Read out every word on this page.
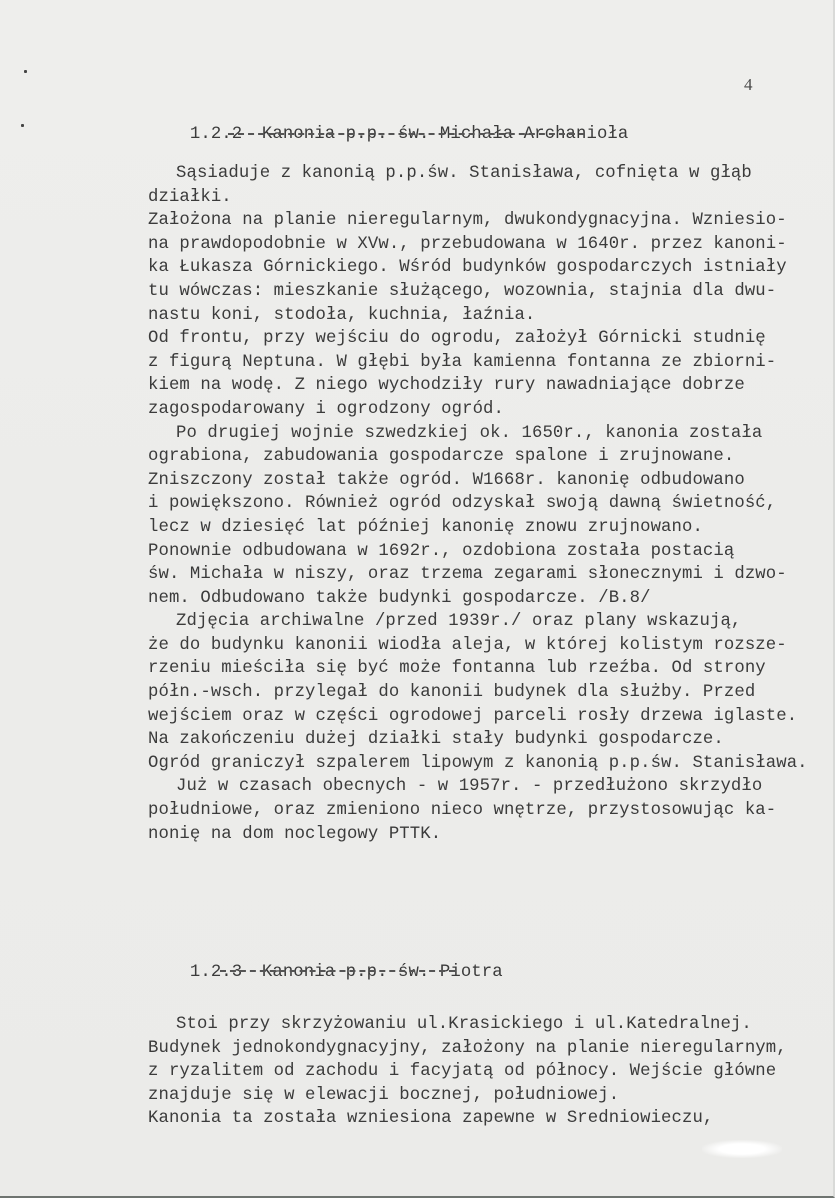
4

1.2.2 Kanonia p.p. św. Michała Archanioła

Sąsiaduje z kanonią p.p.św. Stanisława, cofnięta w głąb
działki.
Założona na planie nieregularnym, dwukondygnacyjna. Wzniesio-
na prawdopodobnie w XVw., przebudowana w 1640r. przez kanoni-
ka Łukasza Górnickiego. Wśród budynków gospodarczych istniały
tu wówczas: mieszkanie służącego, wozownia, stajnia dla dwu-
nastu koni, stodoła, kuchnia, łaźnia.
Od frontu, przy wejściu do ogrodu, założył Górnicki studnię
z figurą Neptuna. W głębi była kamienna fontanna ze zbiorni-
kiem na wodę. Z niego wychodziły rury nawadniające dobrze
zagospodarowany i ogrodzony ogród.
Po drugiej wojnie szwedzkiej ok. 1650r., kanonia została
ograbiona, zabudowania gospodarcze spalone i zrujnowane.
Zniszczony został także ogród. W1668r. kanonię odbudowano
i powiększono. Również ogród odzyskał swoją dawną świetność,
lecz w dziesięć lat później kanonię znowu zrujnowano.
Ponownie odbudowana w 1692r., ozdobiona została postacią
św. Michała w niszy, oraz trzema zegarami słonecznymi i dzwo-
nem. Odbudowano także budynki gospodarcze. /B.8/
Zdjęcia archiwalne /przed 1939r./ oraz plany wskazują,
że do budynku kanonii wiodła aleja, w której kolistym rozsze-
rzeniu mieściła się być może fontanna lub rzeźba. Od strony
półn.-wsch. przylegał do kanonii budynek dla służby. Przed
wejściem oraz w części ogrodowej parceli rosły drzewa iglaste.
Na zakończeniu dużej działki stały budynki gospodarcze.
Ogród graniczył szpalerem lipowym z kanonią p.p.św. Stanisława.
Już w czasach obecnych - w 1957r. - przedłużono skrzydło
południowe, oraz zmieniono nieco wnętrze, przystosowując ka-
nonię na dom noclegowy PTTK.

1.2.3 Kanonia p.p. św. Piotra

Stoi przy skrzyżowaniu ul.Krasickiego i ul.Katedralnej.
Budynek jednokondygnacyjny, założony na planie nieregularnym,
z ryzalitem od zachodu i facyjatą od północy. Wejście główne
znajduje się w elewacji bocznej, południowej.
Kanonia ta została wzniesiona zapewne w Sredniowieczu,
